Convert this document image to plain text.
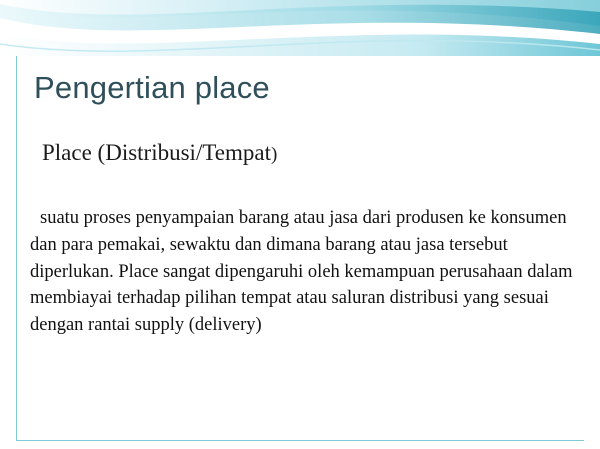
Pengertian place
Place (Distribusi/Tempat)
suatu proses penyampaian barang atau jasa dari produsen ke konsumen dan para pemakai, sewaktu dan dimana barang atau jasa tersebut diperlukan. Place sangat dipengaruhi oleh kemampuan perusahaan dalam membiayai terhadap pilihan tempat atau saluran distribusi yang sesuai dengan rantai supply (delivery)
